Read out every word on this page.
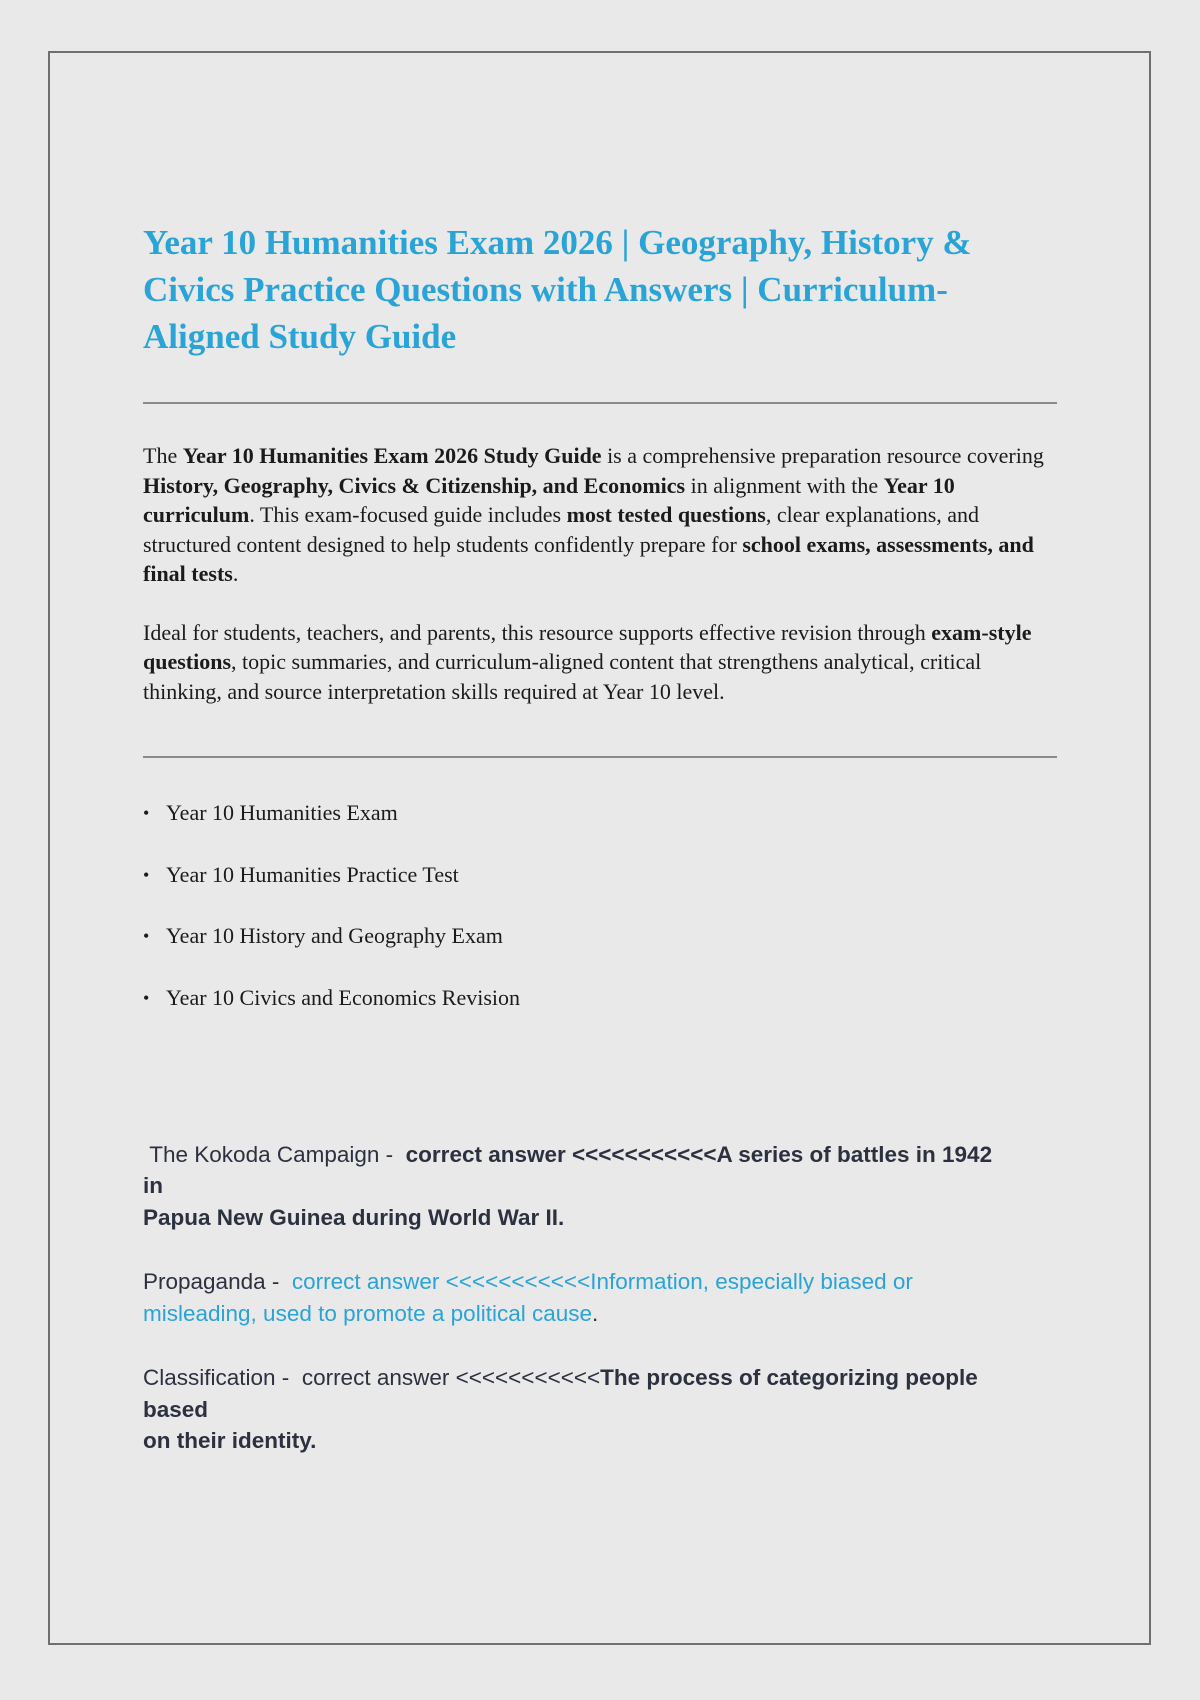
Year 10 Humanities Exam 2026 | Geography, History &
Civics Practice Questions with Answers | Curriculum-
Aligned Study Guide

The Year 10 Humanities Exam 2026 Study Guide is a comprehensive preparation resource covering History, Geography, Civics & Citizenship, and Economics in alignment with the Year 10 curriculum. This exam-focused guide includes most tested questions, clear explanations, and structured content designed to help students confidently prepare for school exams, assessments, and final tests.

Ideal for students, teachers, and parents, this resource supports effective revision through exam-style questions, topic summaries, and curriculum-aligned content that strengthens analytical, critical thinking, and source interpretation skills required at Year 10 level.

• Year 10 Humanities Exam
• Year 10 Humanities Practice Test
• Year 10 History and Geography Exam
• Year 10 Civics and Economics Revision
The Kokoda Campaign -  correct answer <<<<<<<<<<<A series of battles in 1942
in
Papua New Guinea during World War II.
Propaganda -  correct answer <<<<<<<<<<<Information, especially biased or
misleading, used to promote a political cause.
Classification -  correct answer <<<<<<<<<<<The process of categorizing people
based
on their identity.
